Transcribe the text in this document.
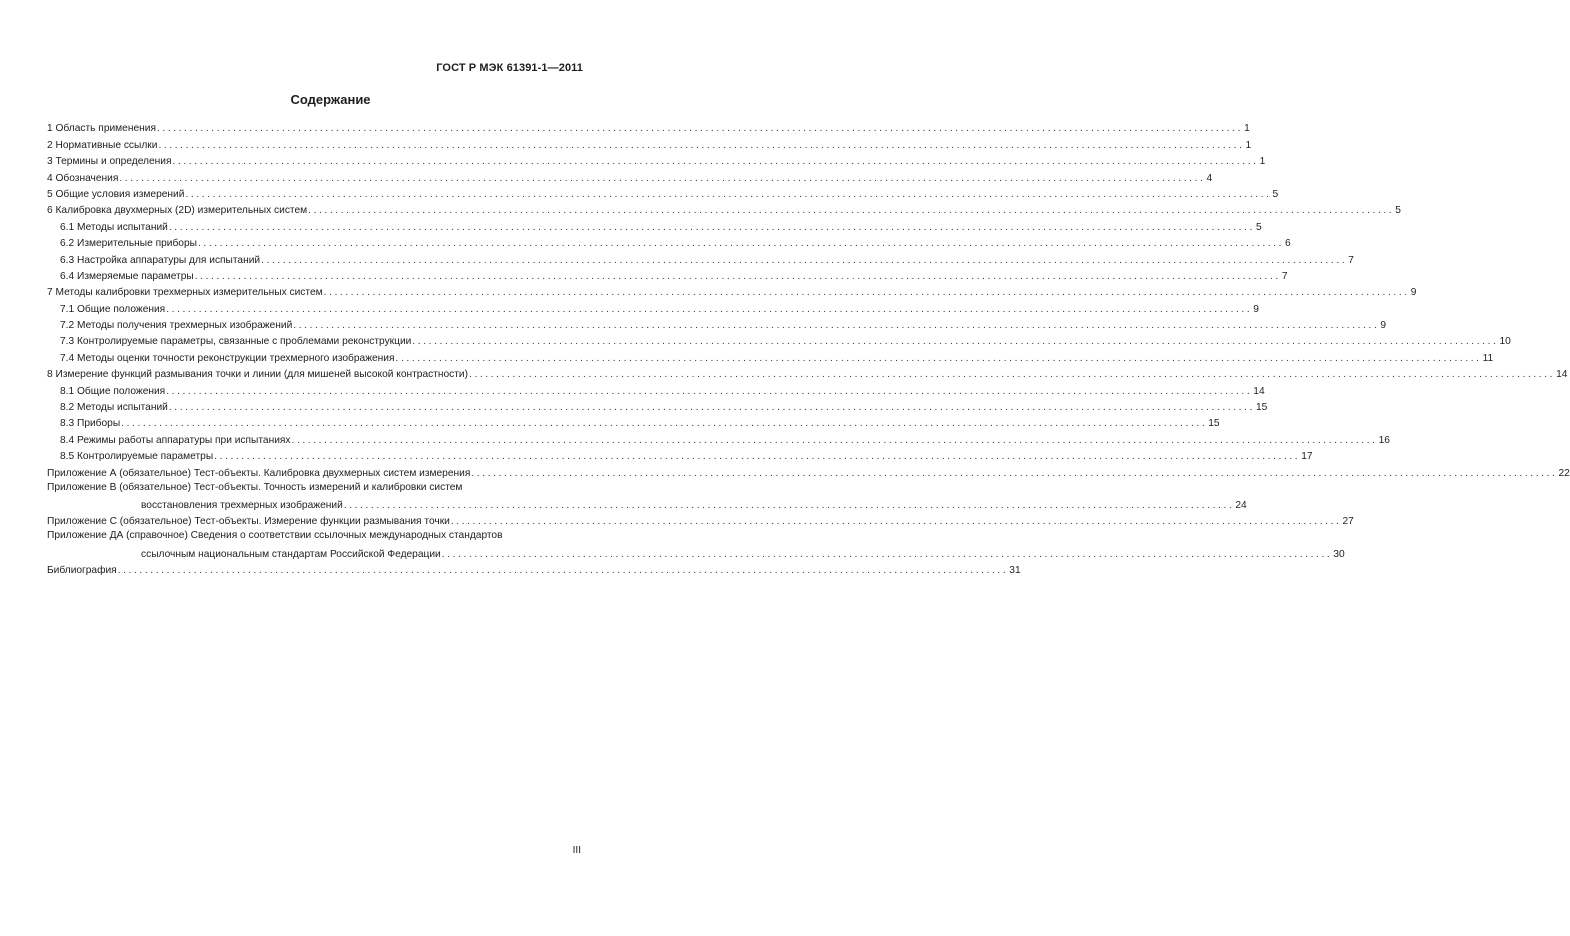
ГОСТ Р МЭК 61391-1—2011
Содержание
1 Область применения ........................................................................................................................................................................................................ 1
2 Нормативные ссылки ........................................................................................................................................................................................................ 1
3 Термины и определения ........................................................................................................................................................................................................ 1
4 Обозначения ........................................................................................................................................................................................................ 4
5 Общие условия измерений ........................................................................................................................................................................................................ 5
6 Калибровка двухмерных (2D) измерительных систем ........................................................................................................................................................................................................ 5
6.1 Методы испытаний ........................................................................................................................................................................................................ 5
6.2 Измерительные приборы ........................................................................................................................................................................................................ 6
6.3 Настройка аппаратуры для испытаний ........................................................................................................................................................................................................ 7
6.4 Измеряемые параметры ........................................................................................................................................................................................................ 7
7 Методы калибровки трехмерных измерительных систем ........................................................................................................................................................................................................ 9
7.1 Общие положения ........................................................................................................................................................................................................ 9
7.2 Методы получения трехмерных изображений ........................................................................................................................................................................................................ 9
7.3 Контролируемые параметры, связанные с проблемами реконструкции ........................................................................................................................................................................................................ 10
7.4 Методы оценки точности реконструкции трехмерного изображения ........................................................................................................................................................................................................ 11
8 Измерение функций размывания точки и линии (для мишеней высокой контрастности) ........................................................................................................................................................................................................ 14
8.1 Общие положения ........................................................................................................................................................................................................ 14
8.2 Методы испытаний ........................................................................................................................................................................................................ 15
8.3 Приборы ........................................................................................................................................................................................................ 15
8.4 Режимы работы аппаратуры при испытаниях ........................................................................................................................................................................................................ 16
8.5 Контролируемые параметры ........................................................................................................................................................................................................ 17
Приложение А (обязательное) Тест-объекты. Калибровка двухмерных систем измерения ........................................................................................................................................................................................................ 22
Приложение В (обязательное) Тест-объекты. Точность измерений и калибровки систем
восстановления трехмерных изображений .................................................................................................................................................................... 24
Приложение С (обязательное) Тест-объекты. Измерение функции размывания точки .................................................................................................................................................................... 27
Приложение ДА (справочное) Сведения о соответствии ссылочных международных стандартов
ссылочным национальным стандартам Российской Федерации .................................................................................................................................................................... 30
Библиография .................................................................................................................................................................... 31
III
